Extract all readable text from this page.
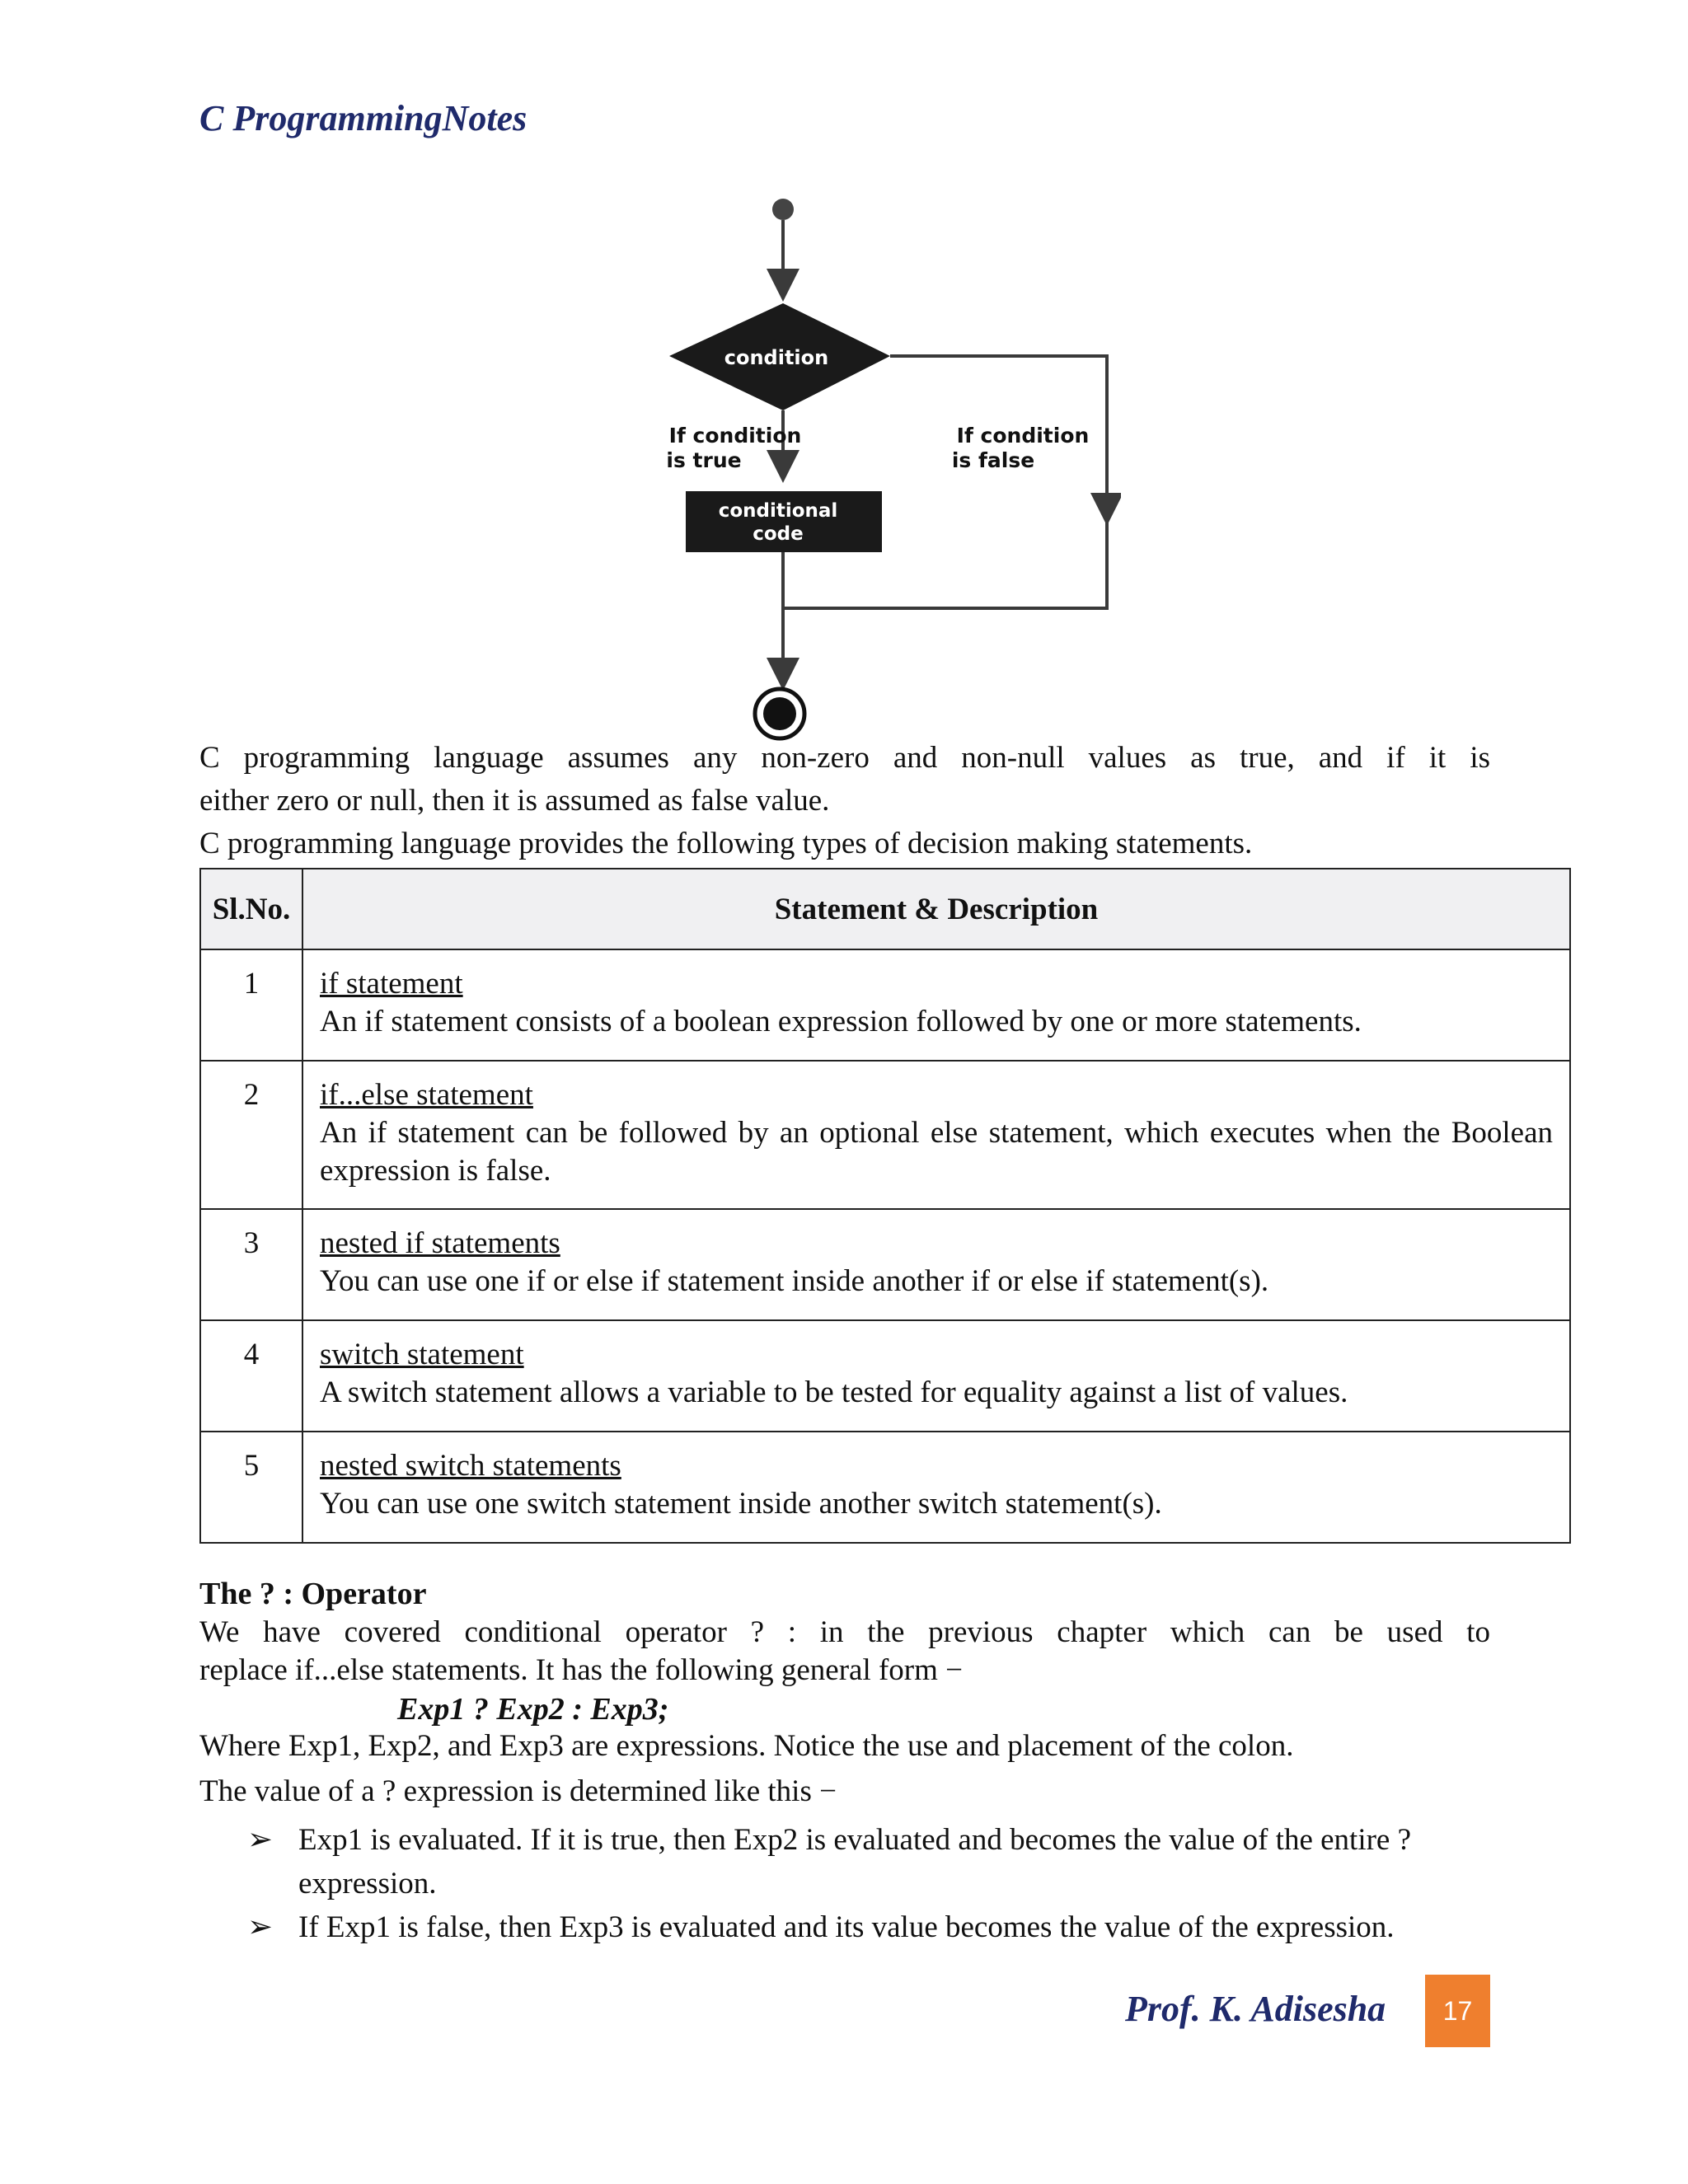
C ProgrammingNotes
condition
If condition
is true
If condition
is false
conditional
code
C programming language assumes any non-zero and non-null values as true, and if it is
either zero or null, then it is assumed as false value.
C programming language provides the following types of decision making statements.
Sl.No.	Statement & Description
1	if statement
An if statement consists of a boolean expression followed by one or more statements.

2	if...else statement
An if statement can be followed by an optional else statement, which executes when the Boolean expression is false.

3	nested if statements
You can use one if or else if statement inside another if or else if statement(s).

4	switch statement
A switch statement allows a variable to be tested for equality against a list of values.

5	nested switch statements
You can use one switch statement inside another switch statement(s).
The ? : Operator
We have covered conditional operator ? : in the previous chapter which can be used to
replace if...else statements. It has the following general form −
Exp1 ? Exp2 : Exp3;
Where Exp1, Exp2, and Exp3 are expressions. Notice the use and placement of the colon.
The value of a ? expression is determined like this −
➢ Exp1 is evaluated. If it is true, then Exp2 is evaluated and becomes the value of the entire ? expression.
➢ If Exp1 is false, then Exp3 is evaluated and its value becomes the value of the expression.
Prof. K. Adisesha	17
